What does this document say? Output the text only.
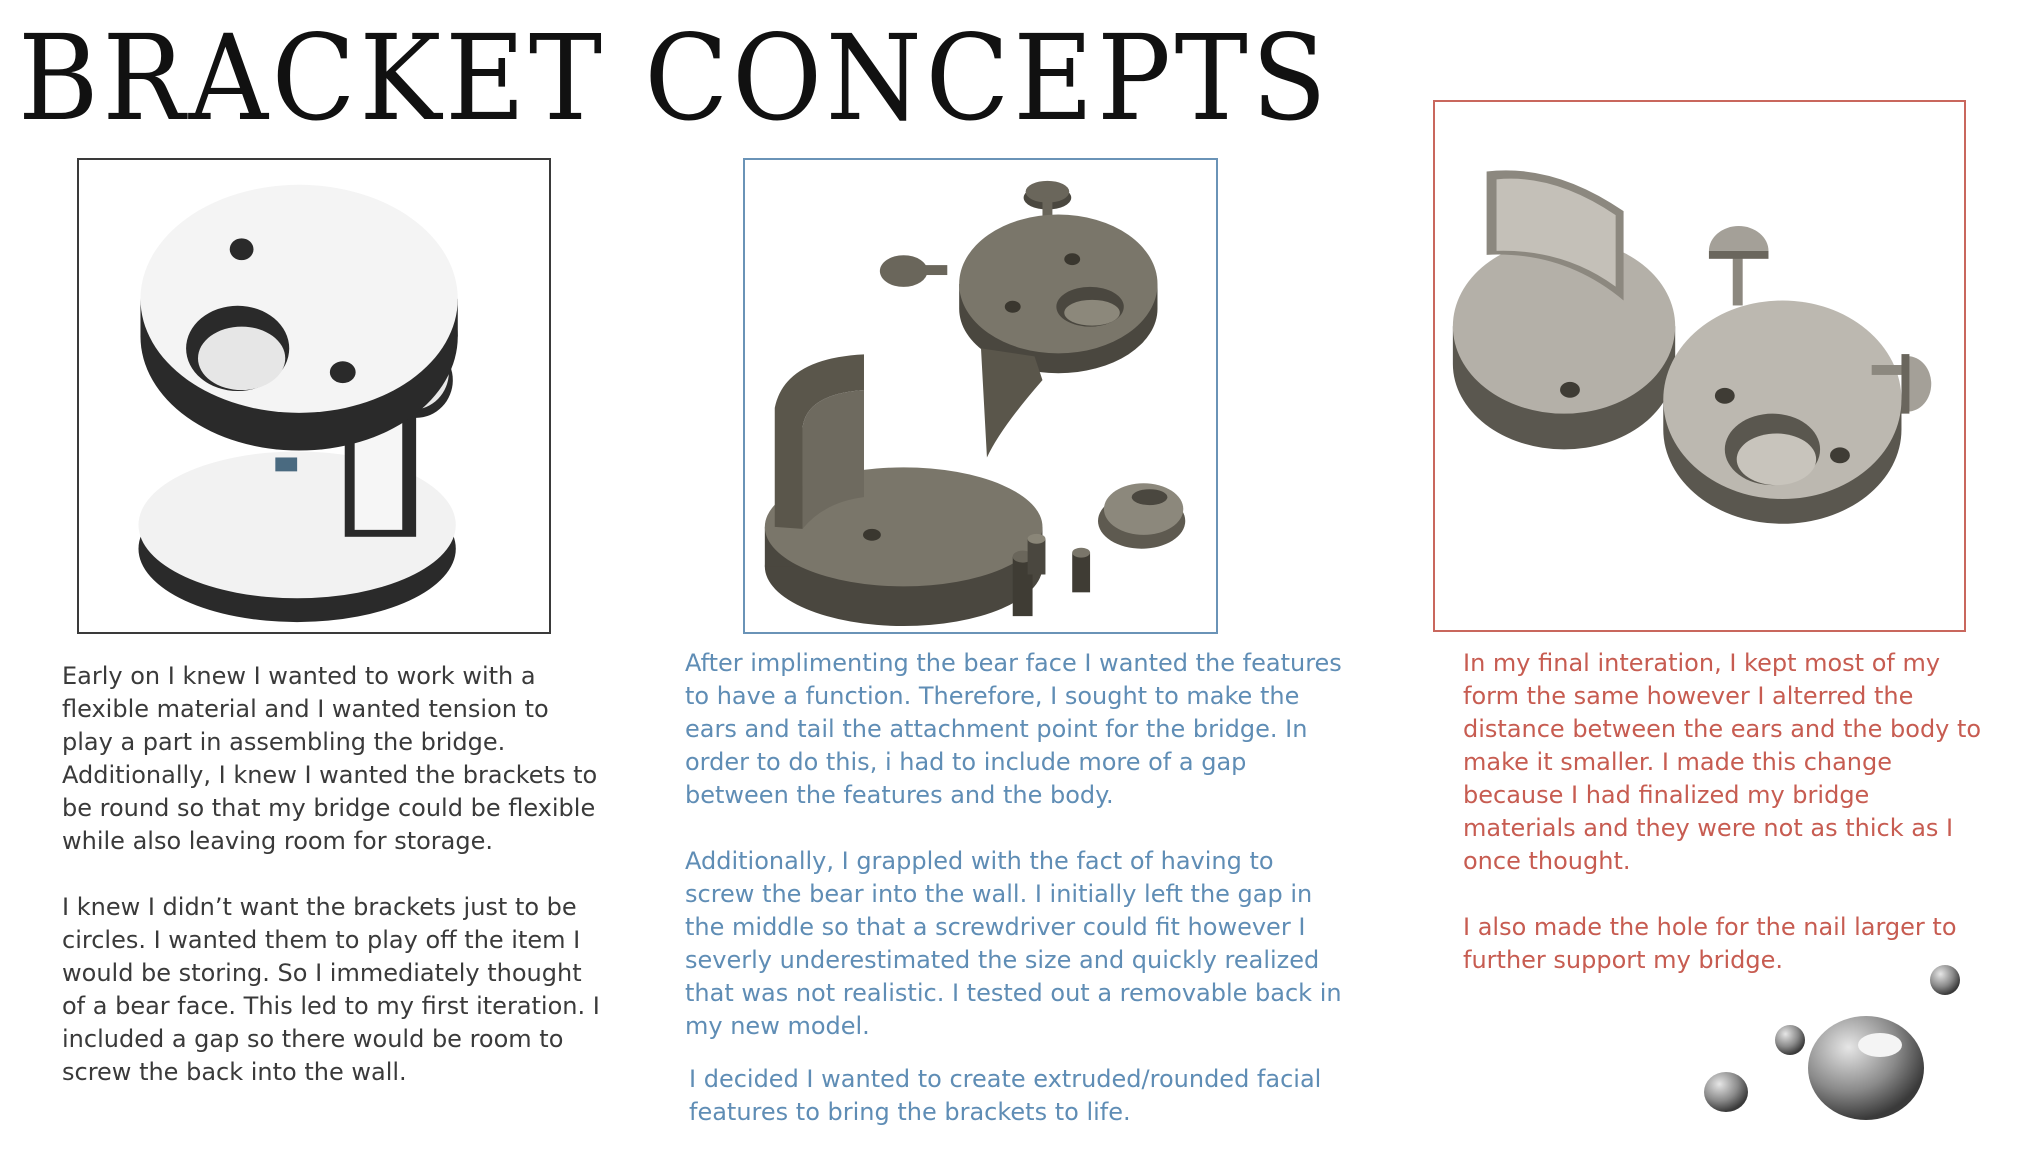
BRACKET CONCEPTS

Early on I knew I wanted to work with a flexible material and I wanted tension to play a part in assembling the bridge. Additionally, I knew I wanted the brackets to be round so that my bridge could be flexible while also leaving room for storage.

I knew I didn’t want the brackets just to be circles. I wanted them to play off the item I would be storing. So I immediately thought of a bear face. This led to my first iteration. I included a gap so there would be room to screw the back into the wall.

After implimenting the bear face I wanted the features to have a function. Therefore, I sought to make the ears and tail the attachment point for the bridge. In order to do this, i had to include more of a gap between the features and the body.

Additionally, I grappled with the fact of having to screw the bear into the wall. I initially left the gap in the middle so that a screwdriver could fit however I severly underestimated the size and quickly realized that was not realistic. I tested out a removable back in my new model.

I decided I wanted to create extruded/rounded facial features to bring the brackets to life.

In my final interation, I kept most of my form the same however I alterred the distance between the ears and the body to make it smaller. I made this change because I had finalized my bridge materials and they were not as thick as I once thought.

I also made the hole for the nail larger to further support my bridge.
